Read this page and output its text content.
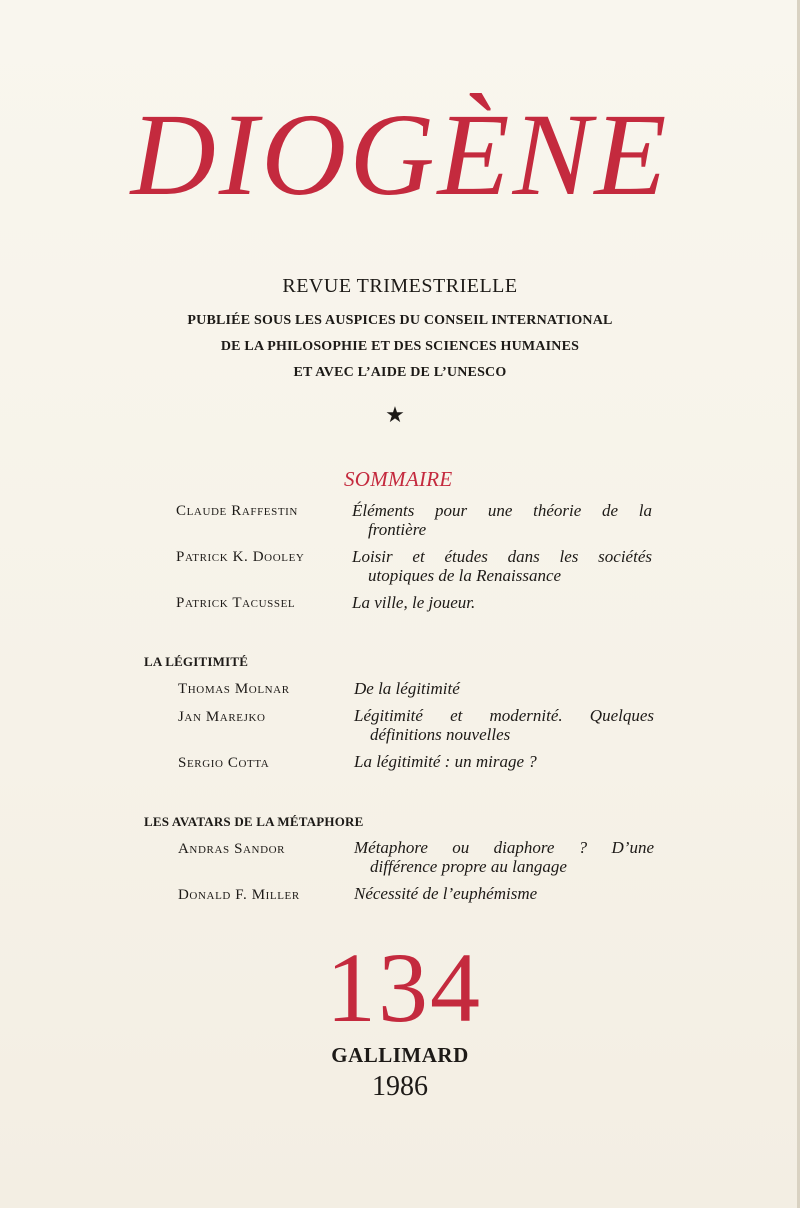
DIOGÈNE
REVUE TRIMESTRIELLE
PUBLIÉE SOUS LES AUSPICES DU CONSEIL INTERNATIONAL
DE LA PHILOSOPHIE ET DES SCIENCES HUMAINES
ET AVEC L’AIDE DE L’UNESCO
★
SOMMAIRE
Claude Raffestin	Éléments pour une théorie de la
frontière
Patrick K. Dooley	Loisir et études dans les sociétés
utopiques de la Renaissance
Patrick Tacussel	La ville, le joueur.
LA LÉGITIMITÉ
Thomas Molnar	De la légitimité
Jan Marejko	Légitimité et modernité. Quelques
définitions nouvelles
Sergio Cotta	La légitimité : un mirage ?
LES AVATARS DE LA MÉTAPHORE
Andras Sandor	Métaphore ou diaphore ? D’une
différence propre au langage
Donald F. Miller	Nécessité de l’euphémisme
134
GALLIMARD
1986
